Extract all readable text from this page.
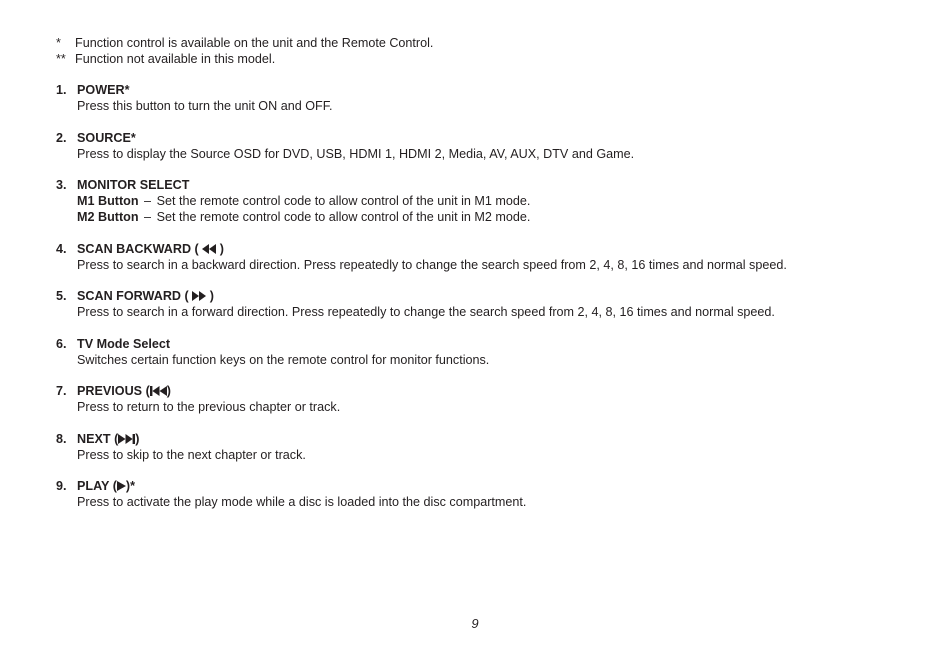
*	Function control is available on the unit and the Remote Control.
** Function not available in this model.
1. POWER*
Press this button to turn the unit ON and OFF.
2. SOURCE*
Press to display the Source OSD for DVD, USB, HDMI 1, HDMI 2, Media, AV, AUX, DTV and Game.
3. MONITOR SELECT
M1 Button – Set the remote control code to allow control of the unit in M1 mode.
M2 Button – Set the remote control code to allow control of the unit in M2 mode.
4. SCAN BACKWARD (

)
Press to search in a backward direction. Press repeatedly to change the search speed from 2, 4, 8, 16 times and normal speed.
5. SCAN FORWARD (

)
Press to search in a forward direction. Press repeatedly to change the search speed from 2, 4, 8, 16 times and normal speed.
6. TV Mode Select
Switches certain function keys on the remote control for monitor functions.
7. PREVIOUS ( )
Press to return to the previous chapter or track.
8. NEXT ( )
Press to skip to the next chapter or track.
9. PLAY ( )*
Press to activate the play mode while a disc is loaded into the disc compartment.
9
